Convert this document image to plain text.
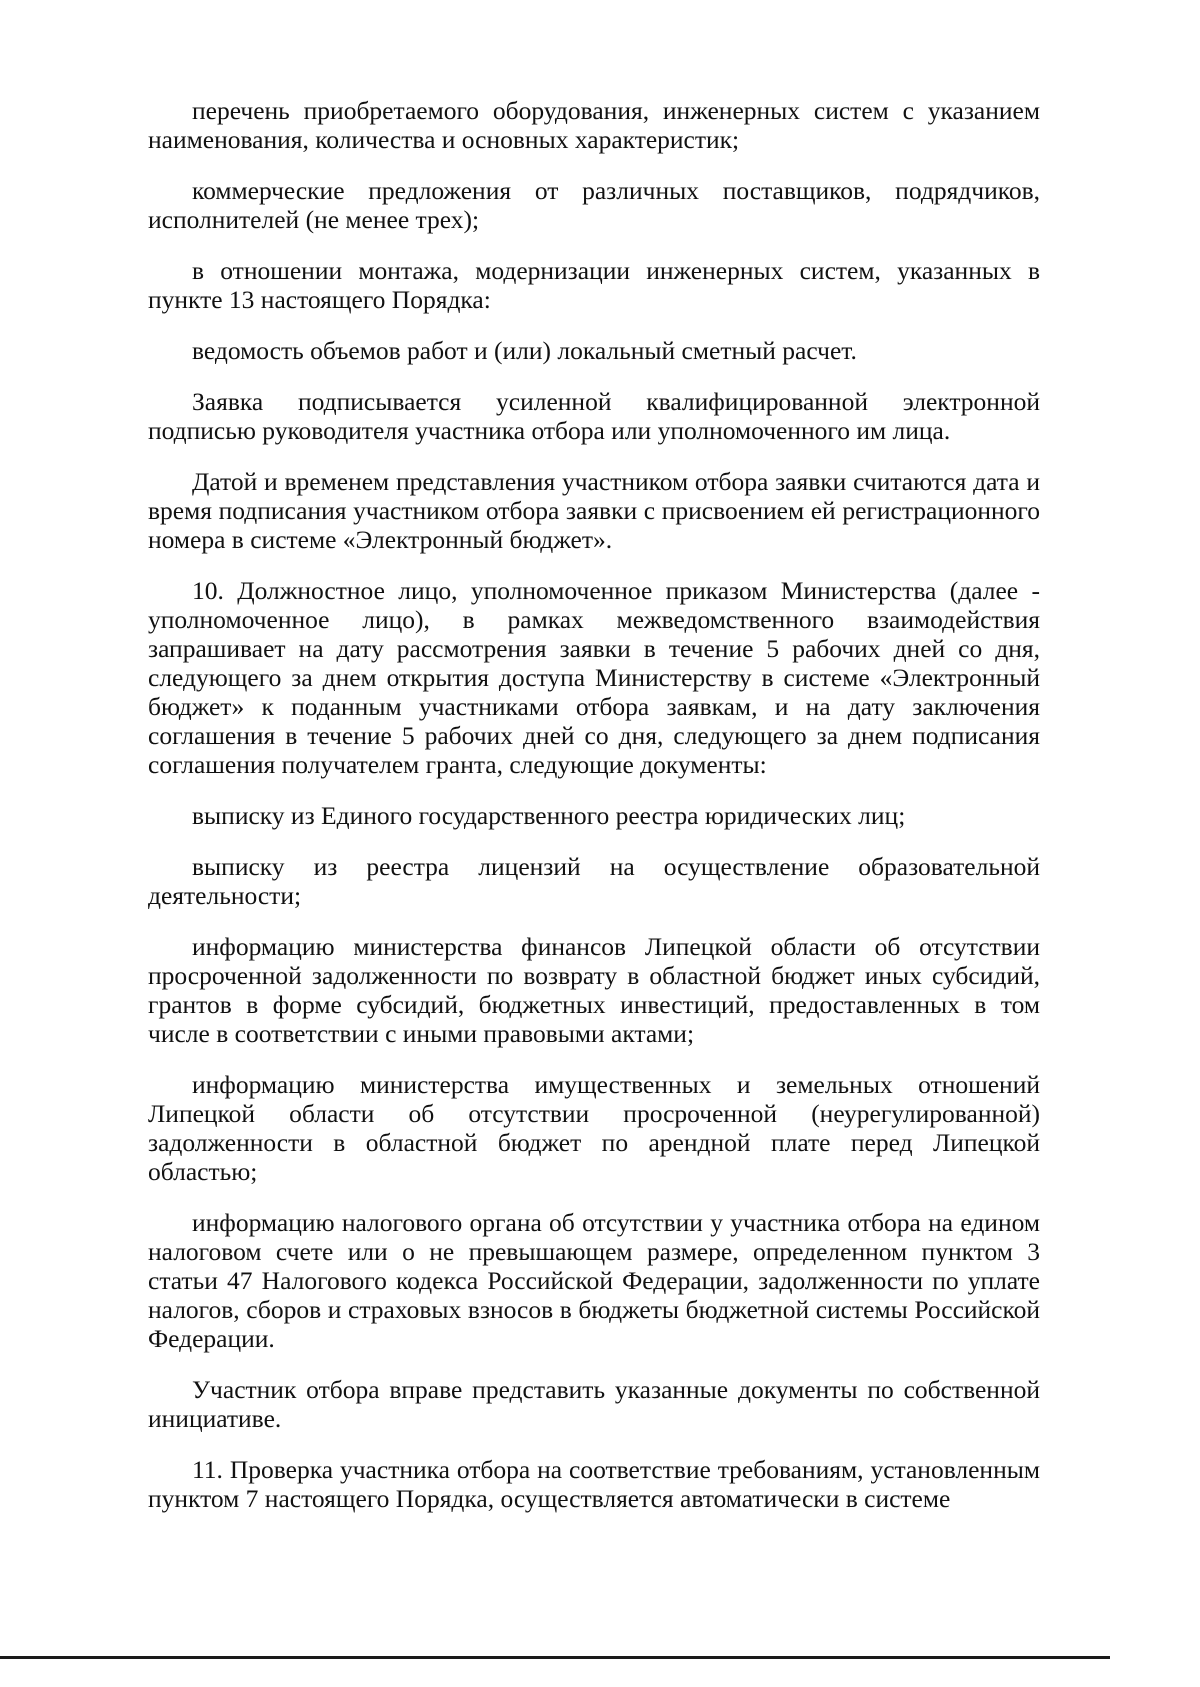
перечень приобретаемого оборудования, инженерных систем с указанием наименования, количества и основных характеристик;

коммерческие предложения от различных поставщиков, подрядчиков, исполнителей (не менее трех);

в отношении монтажа, модернизации инженерных систем, указанных в пункте 13 настоящего Порядка:

ведомость объемов работ и (или) локальный сметный расчет.

Заявка подписывается усиленной квалифицированной электронной подписью руководителя участника отбора или уполномоченного им лица.

Датой и временем представления участником отбора заявки считаются дата и время подписания участником отбора заявки с присвоением ей регистрационного номера в системе «Электронный бюджет».

10. Должностное лицо, уполномоченное приказом Министерства (далее - уполномоченное лицо), в рамках межведомственного взаимодействия запрашивает на дату рассмотрения заявки в течение 5 рабочих дней со дня, следующего за днем открытия доступа Министерству в системе «Электронный бюджет» к поданным участниками отбора заявкам, и на дату заключения соглашения в течение 5 рабочих дней со дня, следующего за днем подписания соглашения получателем гранта, следующие документы:

выписку из Единого государственного реестра юридических лиц;

выписку из реестра лицензий на осуществление образовательной деятельности;

информацию министерства финансов Липецкой области об отсутствии просроченной задолженности по возврату в областной бюджет иных субсидий, грантов в форме субсидий, бюджетных инвестиций, предоставленных в том числе в соответствии с иными правовыми актами;

информацию министерства имущественных и земельных отношений Липецкой области об отсутствии просроченной (неурегулированной) задолженности в областной бюджет по арендной плате перед Липецкой областью;

информацию налогового органа об отсутствии у участника отбора на едином налоговом счете или о не превышающем размере, определенном пунктом 3 статьи 47 Налогового кодекса Российской Федерации, задолженности по уплате налогов, сборов и страховых взносов в бюджеты бюджетной системы Российской Федерации.

Участник отбора вправе представить указанные документы по собственной инициативе.

11. Проверка участника отбора на соответствие требованиям, установленным пунктом 7 настоящего Порядка, осуществляется автоматически в системе
